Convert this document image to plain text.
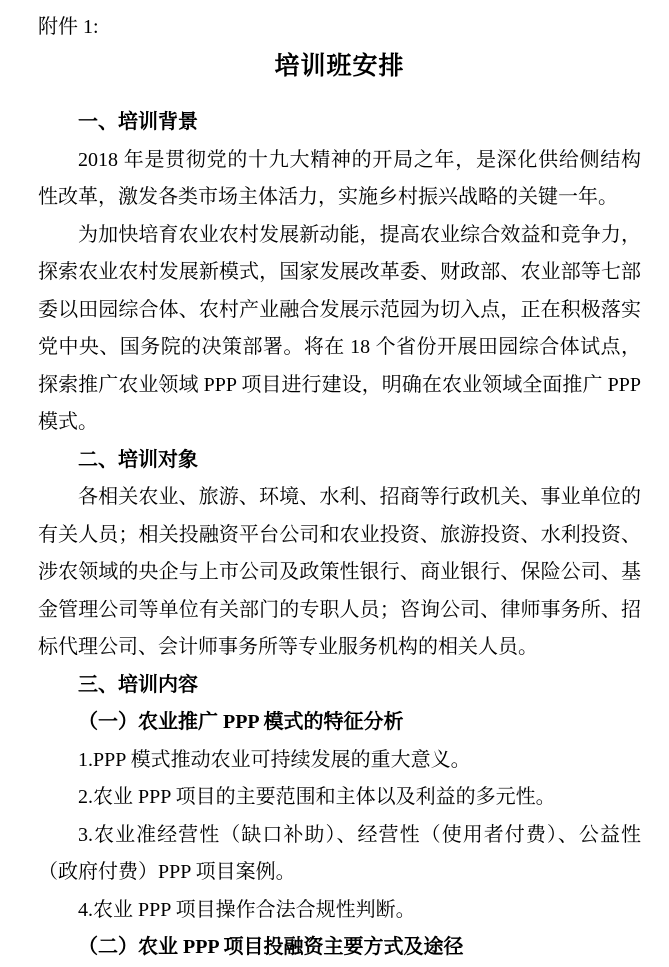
附件 1:

培训班安排
一、培训背景

2018 年是贯彻党的十九大精神的开局之年，是深化供给侧结构性改革，激发各类市场主体活力，实施乡村振兴战略的关键一年。

为加快培育农业农村发展新动能，提高农业综合效益和竞争力，探索农业农村发展新模式，国家发展改革委、财政部、农业部等七部委以田园综合体、农村产业融合发展示范园为切入点，正在积极落实党中央、国务院的决策部署。将在 18 个省份开展田园综合体试点，探索推广农业领域 PPP 项目进行建设，明确在农业领域全面推广 PPP 模式。

二、培训对象

各相关农业、旅游、环境、水利、招商等行政机关、事业单位的有关人员；相关投融资平台公司和农业投资、旅游投资、水利投资、涉农领域的央企与上市公司及政策性银行、商业银行、保险公司、基金管理公司等单位有关部门的专职人员；咨询公司、律师事务所、招标代理公司、会计师事务所等专业服务机构的相关人员。

三、培训内容
（一）农业推广 PPP 模式的特征分析

1.PPP 模式推动农业可持续发展的重大意义。

2.农业 PPP 项目的主要范围和主体以及利益的多元性。

3.农业准经营性（缺口补助）、经营性（使用者付费）、公益性（政府付费）PPP 项目案例。

4.农业 PPP 项目操作合法合规性判断。

（二）农业 PPP 项目投融资主要方式及途径
